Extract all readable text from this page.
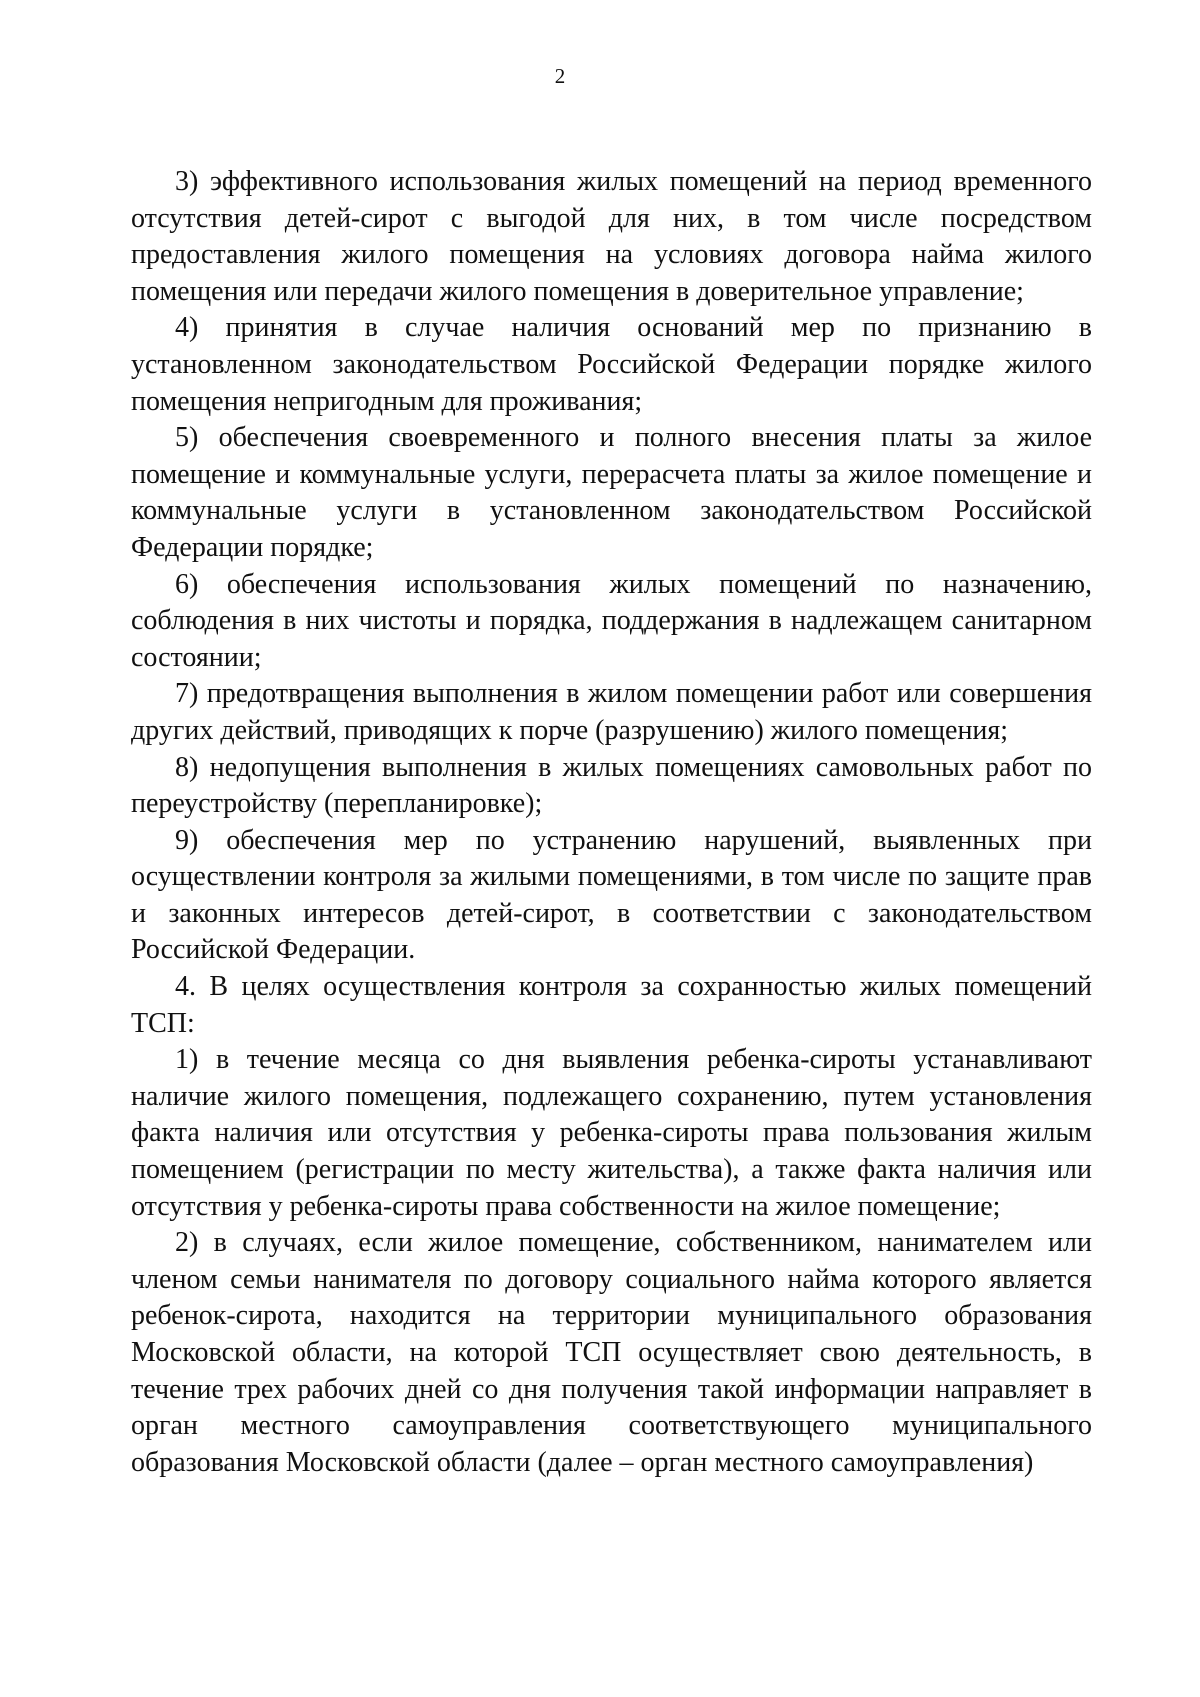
2

3) эффективного использования жилых помещений на период временного отсутствия детей-сирот с выгодой для них, в том числе посредством предоставления жилого помещения на условиях договора найма жилого помещения или передачи жилого помещения в доверительное управление;

4) принятия в случае наличия оснований мер по признанию в установленном законодательством Российской Федерации порядке жилого помещения непригодным для проживания;

5) обеспечения своевременного и полного внесения платы за жилое помещение и коммунальные услуги, перерасчета платы за жилое помещение и коммунальные услуги в установленном законодательством Российской Федерации порядке;

6) обеспечения использования жилых помещений по назначению, соблюдения в них чистоты и порядка, поддержания в надлежащем санитарном состоянии;

7) предотвращения выполнения в жилом помещении работ или совершения других действий, приводящих к порче (разрушению) жилого помещения;

8) недопущения выполнения в жилых помещениях самовольных работ по переустройству (перепланировке);

9) обеспечения мер по устранению нарушений, выявленных при осуществлении контроля за жилыми помещениями, в том числе по защите прав и законных интересов детей-сирот, в соответствии с законодательством Российской Федерации.

4. В целях осуществления контроля за сохранностью жилых помещений ТСП:

1) в течение месяца со дня выявления ребенка-сироты устанавливают наличие жилого помещения, подлежащего сохранению, путем установления факта наличия или отсутствия у ребенка-сироты права пользования жилым помещением (регистрации по месту жительства), а также факта наличия или отсутствия у ребенка-сироты права собственности на жилое помещение;

2) в случаях, если жилое помещение, собственником, нанимателем или членом семьи нанимателя по договору социального найма которого является ребенок-сирота, находится на территории муниципального образования Московской области, на которой ТСП осуществляет свою деятельность, в течение трех рабочих дней со дня получения такой информации направляет в орган местного самоуправления соответствующего муниципального образования Московской области (далее – орган местного самоуправления)
